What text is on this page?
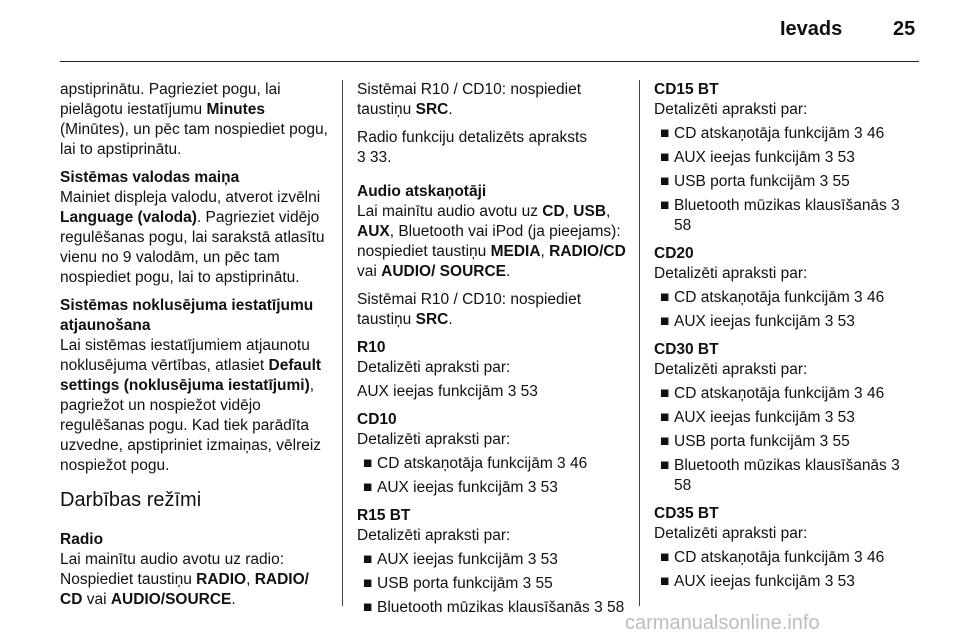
Ievads	25

apstiprinātu. Pagrieziet pogu, lai pielāgotu iestatījumu Minutes (Minūtes), un pēc tam nospiediet pogu, lai to apstiprinātu.

Sistēmas valodas maiņa
Mainiet displeja valodu, atverot izvēlni Language (valoda). Pagrieziet vidējo regulēšanas pogu, lai sarakstā atlasītu vienu no 9 valodām, un pēc tam nospiediet pogu, lai to apstiprinātu.

Sistēmas noklusējuma iestatījumu atjaunošana
Lai sistēmas iestatījumiem atjaunotu noklusējuma vērtības, atlasiet Default settings (noklusējuma iestatījumi), pagriežot un nospiežot vidējo regulēšanas pogu. Kad tiek parādīta uzvedne, apstipriniet izmaiņas, vēlreiz nospiežot pogu.

Darbības režīmi

Radio
Lai mainītu audio avotu uz radio: Nospiediet taustiņu RADIO, RADIO/ CD vai AUDIO/SOURCE.

Sistēmai R10 / CD10: nospiediet taustiņu SRC.

Radio funkciju detalizēts apraksts
3 33.

Audio atskaņotāji
Lai mainītu audio avotu uz CD, USB, AUX, Bluetooth vai iPod (ja pieejams): nospiediet taustiņu MEDIA, RADIO/CD vai AUDIO/ SOURCE.

Sistēmai R10 / CD10: nospiediet taustiņu SRC.

R10
Detalizēti apraksti par:
AUX ieejas funkcijām 3 53
CD10
Detalizēti apraksti par:
■ CD atskaņotāja funkcijām 3 46
■ AUX ieejas funkcijām 3 53
R15 BT
Detalizēti apraksti par:
■ AUX ieejas funkcijām 3 53
■ USB porta funkcijām 3 55
■ Bluetooth mūzikas klausīšanās 3 58
CD15 BT
Detalizēti apraksti par:
■ CD atskaņotāja funkcijām 3 46
■ AUX ieejas funkcijām 3 53
■ USB porta funkcijām 3 55
■ Bluetooth mūzikas klausīšanās 3 58
CD20
Detalizēti apraksti par:
■ CD atskaņotāja funkcijām 3 46
■ AUX ieejas funkcijām 3 53
CD30 BT
Detalizēti apraksti par:
■ CD atskaņotāja funkcijām 3 46
■ AUX ieejas funkcijām 3 53
■ USB porta funkcijām 3 55
■ Bluetooth mūzikas klausīšanās 3 58
CD35 BT
Detalizēti apraksti par:
■ CD atskaņotāja funkcijām 3 46
■ AUX ieejas funkcijām 3 53
carmanualsonline.info
